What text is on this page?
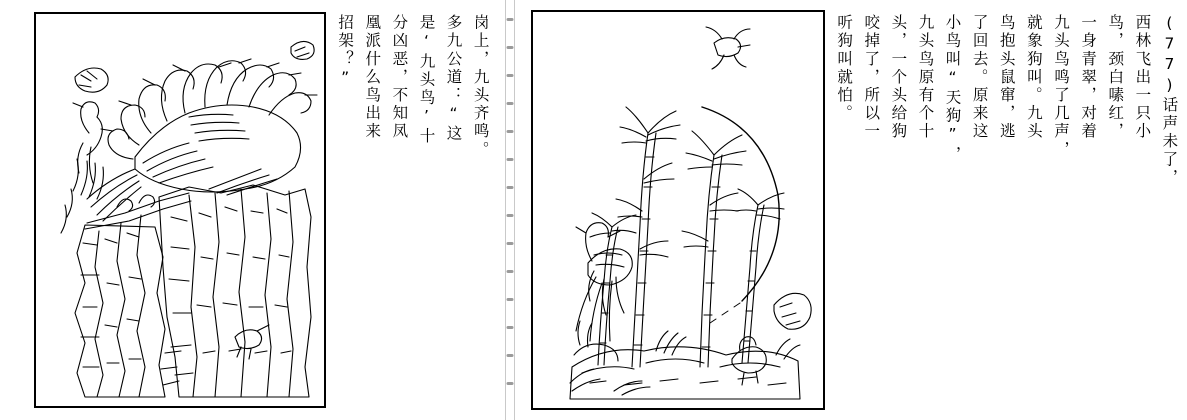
岗上，九头齐鸣。
多九公道：“这
是‘九头鸟’十
分凶恶，不知凤
凰派什么鸟出来
招架？”	(77)话声未了，
西林飞出一只小
鸟，颈白嗉红，
一身青翠，对着
九头鸟鸣了几声，
就象狗叫。九头
鸟抱头鼠窜，逃
了回去。原来这
小鸟叫“天狗”，
九头鸟原有个十
头，一个头给狗
咬掉了，所以一
听狗叫就怕。
